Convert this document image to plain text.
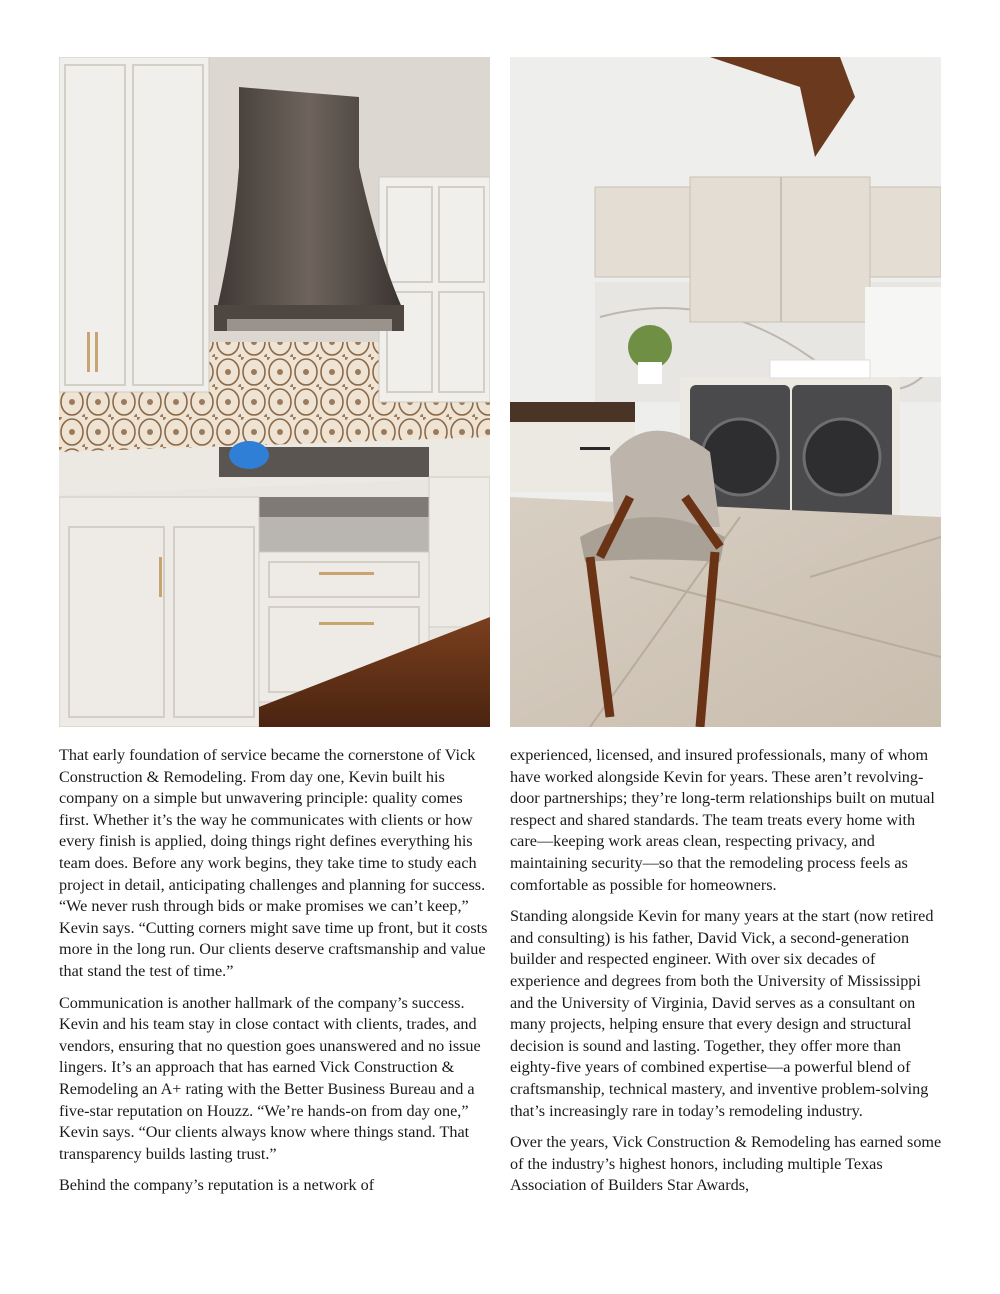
That early foundation of service became the cornerstone of Vick Construction & Remodeling. From day one, Kevin built his company on a simple but unwavering principle: quality comes first. Whether it’s the way he communicates with clients or how every finish is applied, doing things right defines everything his team does. Before any work begins, they take time to study each project in detail, anticipating challenges and planning for success. “We never rush through bids or make promises we can’t keep,” Kevin says. “Cutting corners might save time up front, but it costs more in the long run. Our clients deserve craftsmanship and value that stand the test of time.”

Communication is another hallmark of the company’s success. Kevin and his team stay in close contact with clients, trades, and vendors, ensuring that no question goes unanswered and no issue lingers. It’s an approach that has earned Vick Construction & Remodeling an A+ rating with the Better Business Bureau and a five-star reputation on Houzz. “We’re hands-on from day one,” Kevin says. “Our clients always know where things stand. That transparency builds lasting trust.”

Behind the company’s reputation is a network of

experienced, licensed, and insured professionals, many of whom have worked alongside Kevin for years. These aren’t revolving-door partnerships; they’re long-term relationships built on mutual respect and shared standards. The team treats every home with care—keeping work areas clean, respecting privacy, and maintaining security—so that the remodeling process feels as comfortable as possible for homeowners.

Standing alongside Kevin for many years at the start (now retired and consulting) is his father, David Vick, a second-generation builder and respected engineer. With over six decades of experience and degrees from both the University of Mississippi and the University of Virginia, David serves as a consultant on many projects, helping ensure that every design and structural decision is sound and lasting. Together, they offer more than eighty-five years of combined expertise—a powerful blend of craftsmanship, technical mastery, and inventive problem-solving that’s increasingly rare in today’s remodeling industry.

Over the years, Vick Construction & Remodeling has earned some of the industry’s highest honors, including multiple Texas Association of Builders Star Awards,
